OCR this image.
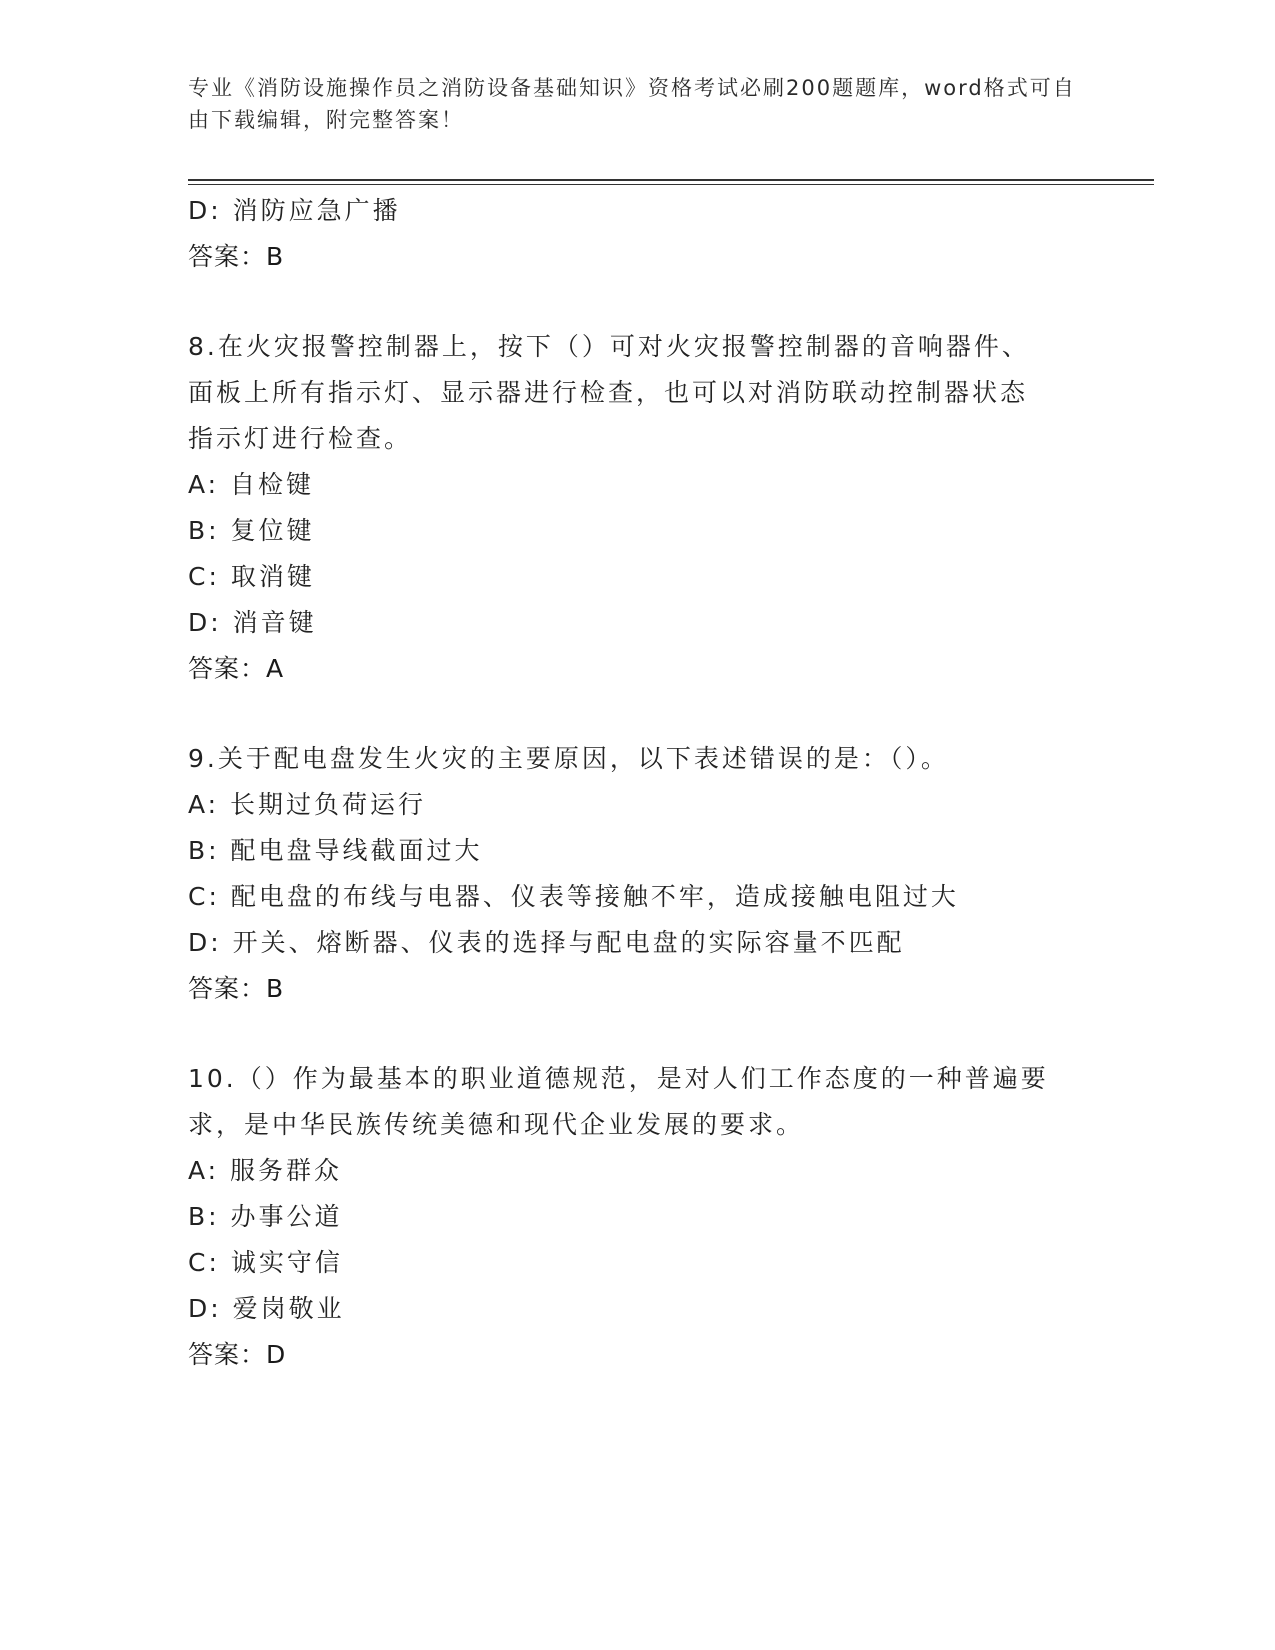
专业《消防设施操作员之消防设备基础知识》资格考试必刷200题题库，word格式可自由下载编辑，附完整答案！
D: 消防应急广播
答案：B
8.在火灾报警控制器上，按下（）可对火灾报警控制器的音响器件、
面板上所有指示灯、显示器进行检查，也可以对消防联动控制器状态
指示灯进行检查。
A: 自检键
B: 复位键
C: 取消键
D: 消音键
答案：A
9.关于配电盘发生火灾的主要原因，以下表述错误的是：（）。
A: 长期过负荷运行
B: 配电盘导线截面过大
C: 配电盘的布线与电器、仪表等接触不牢，造成接触电阻过大
D: 开关、熔断器、仪表的选择与配电盘的实际容量不匹配
答案：B
10.（）作为最基本的职业道德规范，是对人们工作态度的一种普遍要
求，是中华民族传统美德和现代企业发展的要求。
A: 服务群众
B: 办事公道
C: 诚实守信
D: 爱岗敬业
答案：D
